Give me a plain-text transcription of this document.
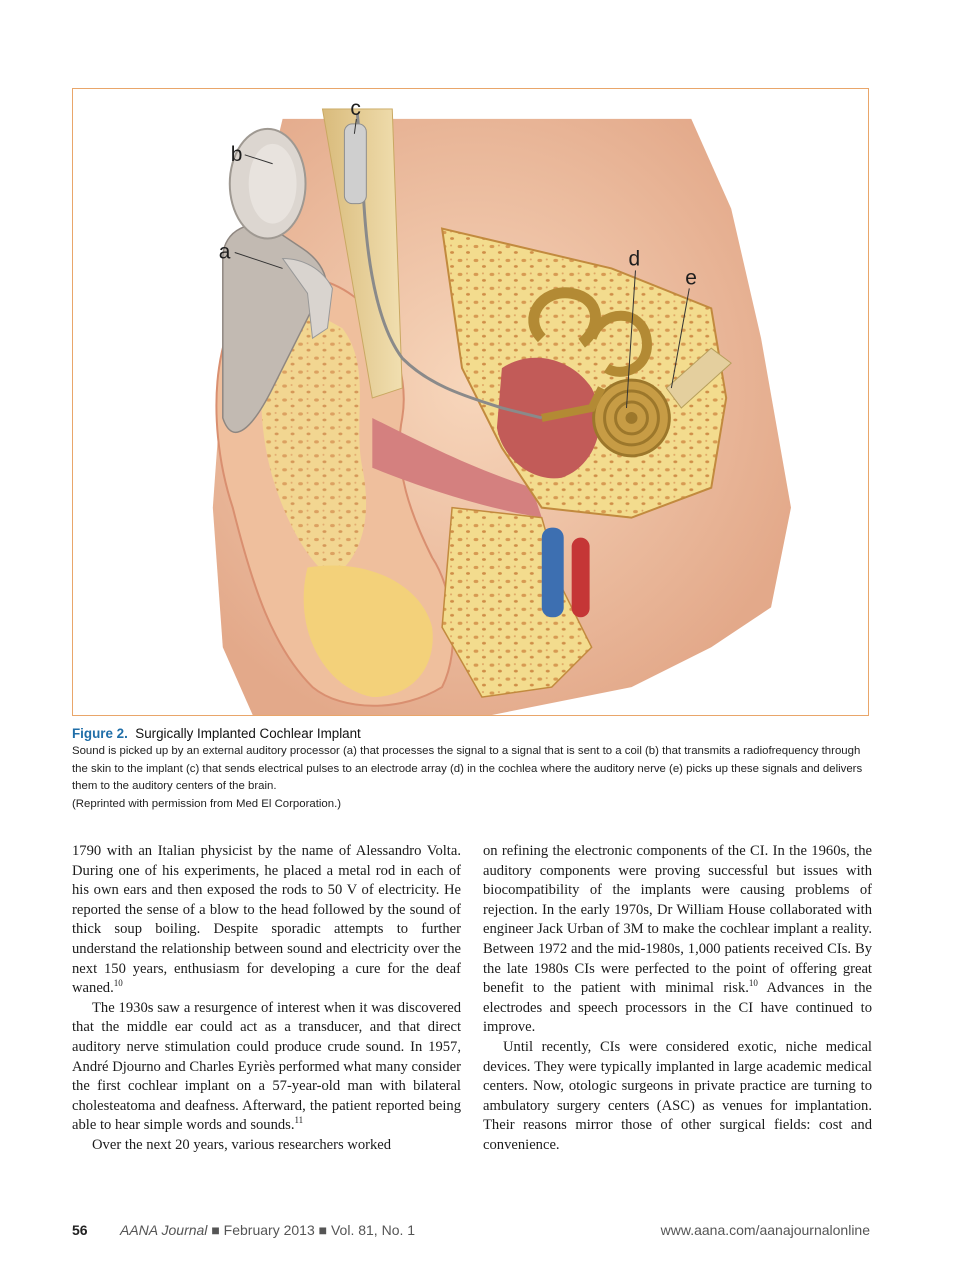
b
a
c
d
e

Figure 2. Surgically Implanted Cochlear Implant

Sound is picked up by an external auditory processor (a) that processes the signal to a signal that is sent to a coil (b) that transmits a radiofrequency through the skin to the implant (c) that sends electrical pulses to an electrode array (d) in the cochlea where the auditory nerve (e) picks up these signals and delivers them to the auditory centers of the brain.

(Reprinted with permission from Med El Corporation.)

1790 with an Italian physicist by the name of Alessandro Volta. During one of his experiments, he placed a metal rod in each of his own ears and then exposed the rods to 50 V of electricity. He reported the sense of a blow to the head followed by the sound of thick soup boiling. Despite sporadic attempts to further understand the relationship between sound and electricity over the next 150 years, enthusiasm for developing a cure for the deaf waned.$^{10}$

The 1930s saw a resurgence of interest when it was discovered that the middle ear could act as a transducer, and that direct auditory nerve stimulation could produce crude sound. In 1957, André Djourno and Charles Eyriès performed what many consider the first cochlear implant on a 57-year-old man with bilateral cholesteatoma and deafness. Afterward, the patient reported being able to hear simple words and sounds.$^{11}$

Over the next 20 years, various researchers worked

on refining the electronic components of the CI. In the 1960s, the auditory components were proving successful but issues with biocompatibility of the implants were causing problems of rejection. In the early 1970s, Dr William House collaborated with engineer Jack Urban of 3M to make the cochlear implant a reality. Between 1972 and the mid-1980s, 1,000 patients received CIs. By the late 1980s CIs were perfected to the point of offering great benefit to the patient with minimal risk.$^{10}$ Advances in the electrodes and speech processors in the CI have continued to improve.

Until recently, CIs were considered exotic, niche medical devices. They were typically implanted in large academic medical centers. Now, otologic surgeons in private practice are turning to ambulatory surgery centers (ASC) as venues for implantation. Their reasons mirror those of other surgical fields: cost and convenience.

56 AANA Journal ■ February 2013 ■ Vol. 81, No. 1	www.aana.com/aanajournalonline
